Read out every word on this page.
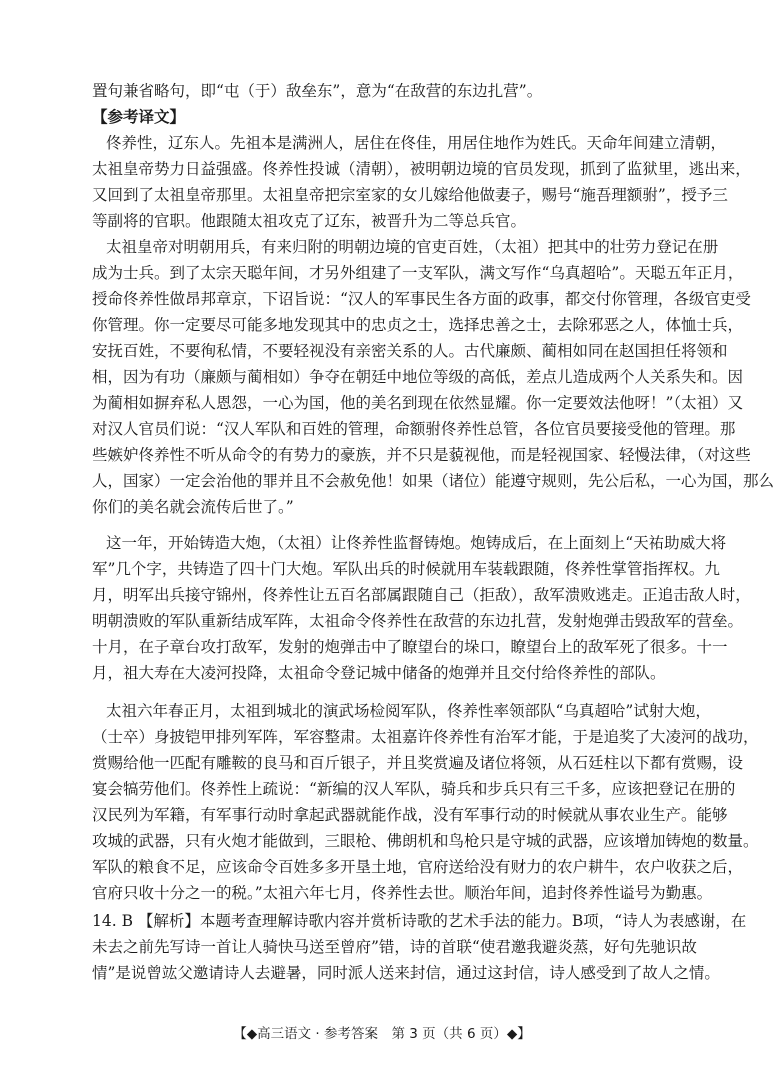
置句兼省略句，即“屯（于）敌垒东”，意为“在敌营的东边扎营”。
【参考译文】
佟养性，辽东人。先祖本是满洲人，居住在佟佳，用居住地作为姓氏。天命年间建立清朝，
太祖皇帝势力日益强盛。佟养性投诚（清朝），被明朝边境的官员发现，抓到了监狱里，逃出来，
又回到了太祖皇帝那里。太祖皇帝把宗室家的女儿嫁给他做妻子，赐号“施吾理额驸”，授予三
等副将的官职。他跟随太祖攻克了辽东，被晋升为二等总兵官。
太祖皇帝对明朝用兵，有来归附的明朝边境的官吏百姓，（太祖）把其中的壮劳力登记在册
成为士兵。到了太宗天聪年间，才另外组建了一支军队，满文写作“乌真超哈”。天聪五年正月，
授命佟养性做昂邦章京，下诏旨说：“汉人的军事民生各方面的政事，都交付你管理，各级官吏受
你管理。你一定要尽可能多地发现其中的忠贞之士，选择忠善之士，去除邪恶之人，体恤士兵，
安抚百姓，不要徇私情，不要轻视没有亲密关系的人。古代廉颇、蔺相如同在赵国担任将领和
相，因为有功（廉颇与蔺相如）争夺在朝廷中地位等级的高低，差点儿造成两个人关系失和。因
为蔺相如摒弃私人恩怨，一心为国，他的美名到现在依然显耀。你一定要效法他呀！”（太祖）又
对汉人官员们说：“汉人军队和百姓的管理，命额驸佟养性总管，各位官员要接受他的管理。那
些嫉妒佟养性不听从命令的有势力的豪族，并不只是藐视他，而是轻视国家、轻慢法律，（对这些
人，国家）一定会治他的罪并且不会赦免他！如果（诸位）能遵守规则，先公后私，一心为国，那么
你们的美名就会流传后世了。”
这一年，开始铸造大炮，（太祖）让佟养性监督铸炮。炮铸成后，在上面刻上“天祐助威大将
军”几个字，共铸造了四十门大炮。军队出兵的时候就用车装载跟随，佟养性掌管指挥权。九
月，明军出兵接守锦州，佟养性让五百名部属跟随自己（拒敌），敌军溃败逃走。正追击敌人时，
明朝溃败的军队重新结成军阵，太祖命令佟养性在敌营的东边扎营，发射炮弹击毁敌军的营垒。
十月，在子章台攻打敌军，发射的炮弹击中了瞭望台的垛口，瞭望台上的敌军死了很多。十一
月，祖大寿在大凌河投降，太祖命令登记城中储备的炮弹并且交付给佟养性的部队。
太祖六年春正月，太祖到城北的演武场检阅军队，佟养性率领部队“乌真超哈”试射大炮，
（士卒）身披铠甲排列军阵，军容整肃。太祖嘉许佟养性有治军才能，于是追奖了大凌河的战功，
赏赐给他一匹配有雕鞍的良马和百斤银子，并且奖赏遍及诸位将领，从石廷柱以下都有赏赐，设
宴会犒劳他们。佟养性上疏说：“新编的汉人军队，骑兵和步兵只有三千多，应该把登记在册的
汉民列为军籍，有军事行动时拿起武器就能作战，没有军事行动的时候就从事农业生产。能够
攻城的武器，只有火炮才能做到，三眼枪、佛朗机和鸟枪只是守城的武器，应该增加铸炮的数量。
军队的粮食不足，应该命令百姓多多开垦土地，官府送给没有财力的农户耕牛，农户收获之后，
官府只收十分之一的税。”太祖六年七月，佟养性去世。顺治年间，追封佟养性谥号为勤惠。
14. B 【解析】本题考查理解诗歌内容并赏析诗歌的艺术手法的能力。B项，“诗人为表感谢，在
未去之前先写诗一首让人骑快马送至曾府”错，诗的首联“使君邀我避炎蒸，好句先驰识故
情”是说曾竑父邀请诗人去避暑，同时派人送来封信，通过这封信，诗人感受到了故人之情。
【◆高三语文 · 参考答案　第 3 页（共 6 页）◆】
